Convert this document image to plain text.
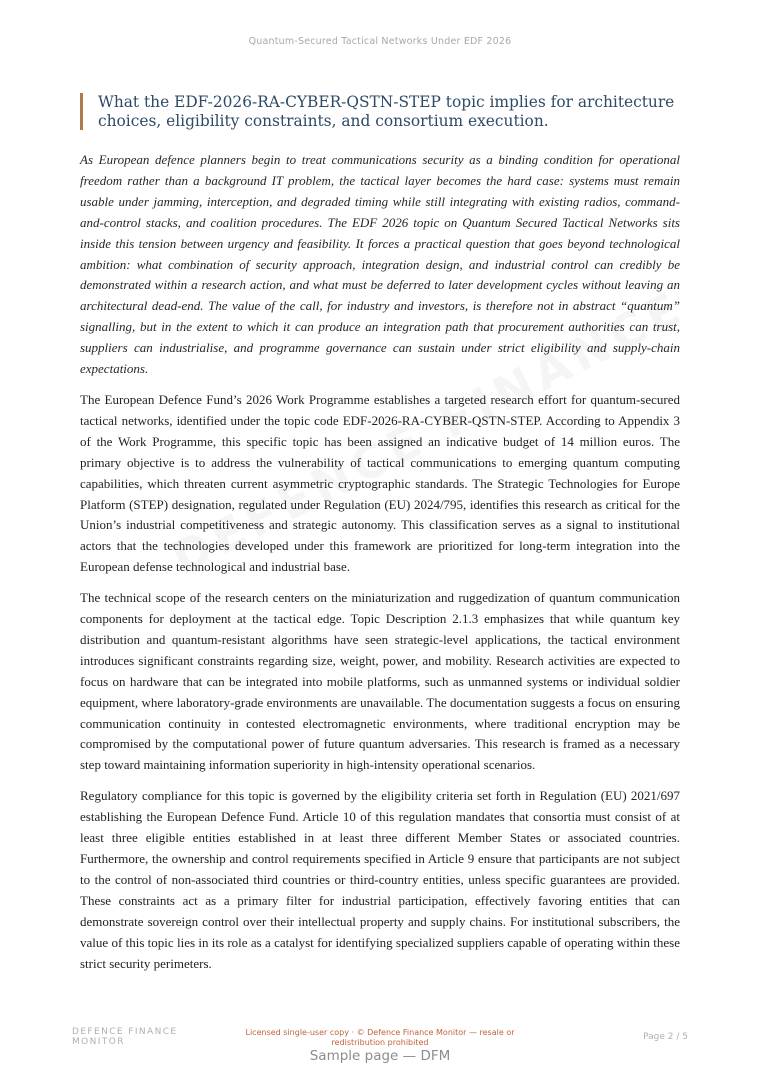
Quantum-Secured Tactical Networks Under EDF 2026
What the EDF-2026-RA-CYBER-QSTN-STEP topic implies for architecture choices, eligibility constraints, and consortium execution.

As European defence planners begin to treat communications security as a binding condition for operational freedom rather than a background IT problem, the tactical layer becomes the hard case: systems must remain usable under jamming, interception, and degraded timing while still integrating with existing radios, command-and-control stacks, and coalition procedures. The EDF 2026 topic on Quantum Secured Tactical Networks sits inside this tension between urgency and feasibility. It forces a practical question that goes beyond technological ambition: what combination of security approach, integration design, and industrial control can credibly be demonstrated within a research action, and what must be deferred to later development cycles without leaving an architectural dead-end. The value of the call, for industry and investors, is therefore not in abstract “quantum” signalling, but in the extent to which it can produce an integration path that procurement authorities can trust, suppliers can industrialise, and programme governance can sustain under strict eligibility and supply-chain expectations.

The European Defence Fund’s 2026 Work Programme establishes a targeted research effort for quantum-secured tactical networks, identified under the topic code EDF-2026-RA-CYBER-QSTN-STEP. According to Appendix 3 of the Work Programme, this specific topic has been assigned an indicative budget of 14 million euros. The primary objective is to address the vulnerability of tactical communications to emerging quantum computing capabilities, which threaten current asymmetric cryptographic standards. The Strategic Technologies for Europe Platform (STEP) designation, regulated under Regulation (EU) 2024/795, identifies this research as critical for the Union’s industrial competitiveness and strategic autonomy. This classification serves as a signal to institutional actors that the technologies developed under this framework are prioritized for long-term integration into the European defense technological and industrial base.

The technical scope of the research centers on the miniaturization and ruggedization of quantum communication components for deployment at the tactical edge. Topic Description 2.1.3 emphasizes that while quantum key distribution and quantum-resistant algorithms have seen strategic-level applications, the tactical environment introduces significant constraints regarding size, weight, power, and mobility. Research activities are expected to focus on hardware that can be integrated into mobile platforms, such as unmanned systems or individual soldier equipment, where laboratory-grade environments are unavailable. The documentation suggests a focus on ensuring communication continuity in contested electromagnetic environments, where traditional encryption may be compromised by the computational power of future quantum adversaries. This research is framed as a necessary step toward maintaining information superiority in high-intensity operational scenarios.

Regulatory compliance for this topic is governed by the eligibility criteria set forth in Regulation (EU) 2021/697 establishing the European Defence Fund. Article 10 of this regulation mandates that consortia must consist of at least three eligible entities established in at least three different Member States or associated countries. Furthermore, the ownership and control requirements specified in Article 9 ensure that participants are not subject to the control of non-associated third countries or third-country entities, unless specific guarantees are provided. These constraints act as a primary filter for industrial participation, effectively favoring entities that can demonstrate sovereign control over their intellectual property and supply chains. For institutional subscribers, the value of this topic lies in its role as a catalyst for identifying specialized suppliers capable of operating within these strict security perimeters.

DEFENCE FINANCE
MONITOR
Licensed single-user copy · © Defence Finance Monitor — resale or redistribution prohibited
Page 2 / 5
Sample page — DFM
